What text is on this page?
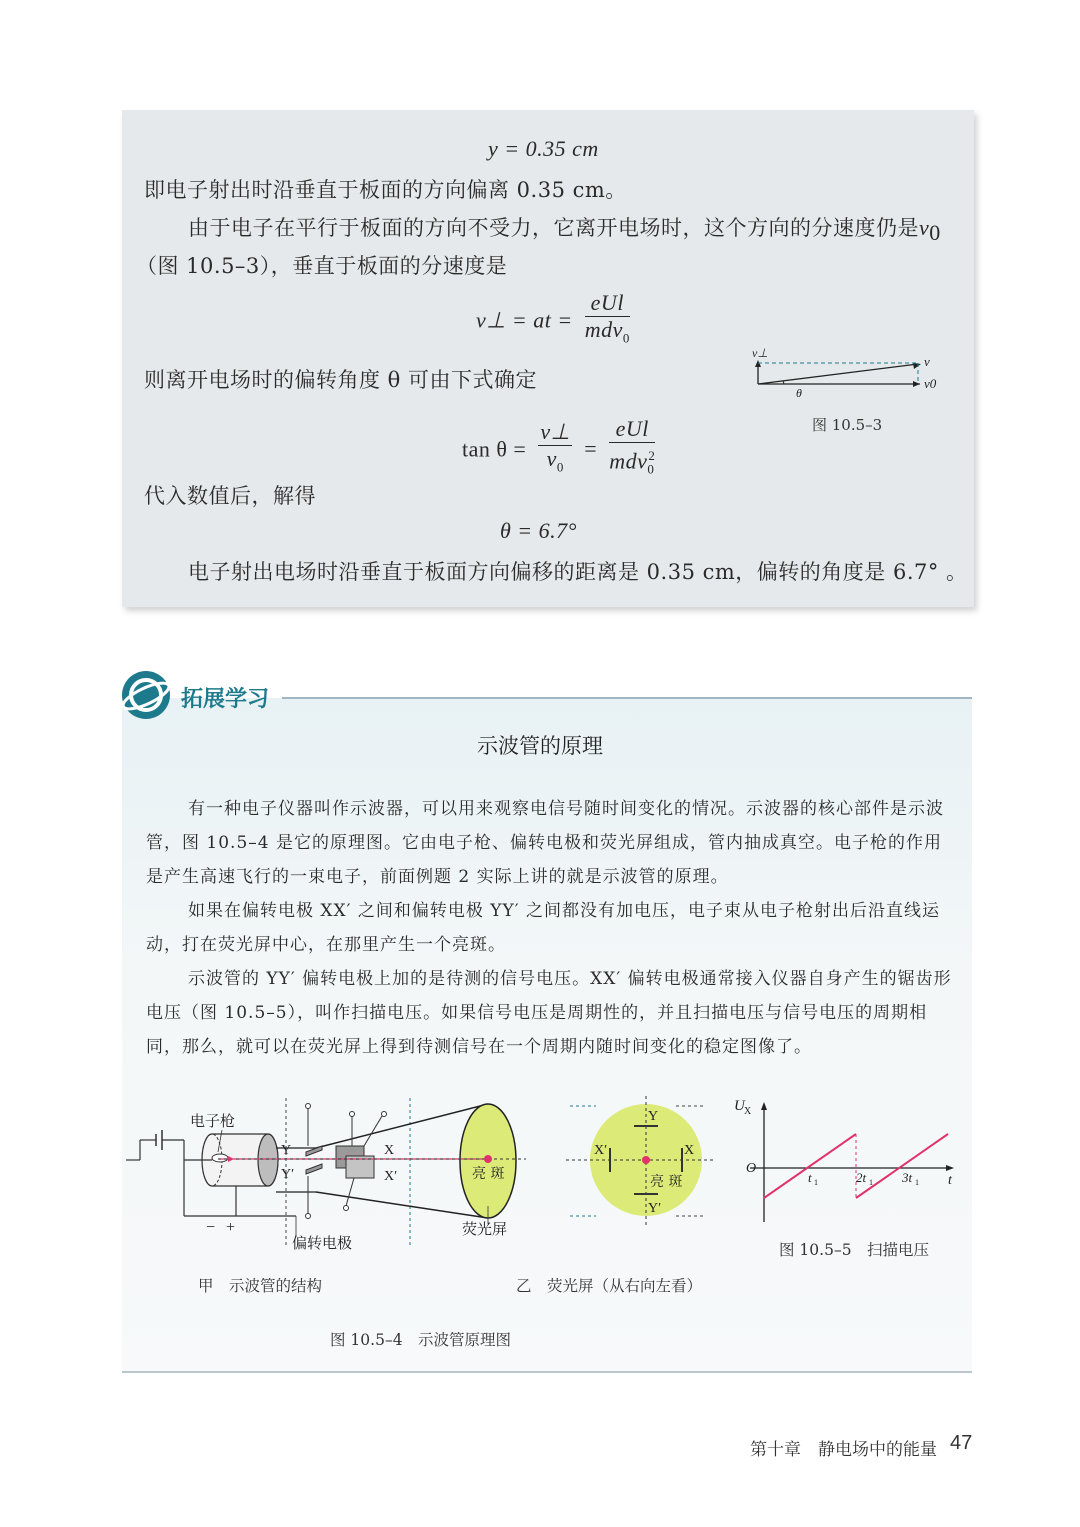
y = 0.35 cm
即电子射出时沿垂直于板面的方向偏离 0.35 cm。
由于电子在平行于板面的方向不受力，它离开电场时，这个方向的分速度仍是$v_0$
（图 10.5–3），垂直于板面的分速度是
v⊥ = at = $\frac{\text{eUl}}{mdv_0}$
则离开电场时的偏转角度 θ 可由下式确定
$\tan \theta = \frac{v\perp}{v_0} = \frac{\text{eUl}}{mdv_0^2}$
代入数值后，解得
θ = 6.7°
电子射出电场时沿垂直于板面方向偏移的距离是 0.35 cm，偏转的角度是 6.7° 。
v⊥
v
v0
θ
图 10.5–3
拓展学习
示波管的原理

有一种电子仪器叫作示波器，可以用来观察电信号随时间变化的情况。示波器的核心部件是示波管，图 10.5–4 是它的原理图。它由电子枪、偏转电极和荧光屏组成，管内抽成真空。电子枪的作用是产生高速飞行的一束电子，前面例题 2 实际上讲的就是示波管的原理。

如果在偏转电极 XX′ 之间和偏转电极 YY′ 之间都没有加电压，电子束从电子枪射出后沿直线运动，打在荧光屏中心，在那里产生一个亮斑。

示波管的 YY′ 偏转电极上加的是待测的信号电压。XX′ 偏转电极通常接入仪器自身产生的锯齿形电压（图 10.5–5），叫作扫描电压。如果信号电压是周期性的，并且扫描电压与信号电压的周期相同，那么，就可以在荧光屏上得到待测信号在一个周期内随时间变化的稳定图像了。

电子枪
Y
Y′
X
X′	亮 斑
− +
偏转电极
荧光屏
Y
Y′
X′	X
亮 斑
U X
O
t 1	2t 1 3t 1 t
图 10.5–5　扫描电压
甲　示波管的结构	乙　荧光屏（从右向左看）
图 10.5–4　示波管原理图
第十章　静电场中的能量 47
